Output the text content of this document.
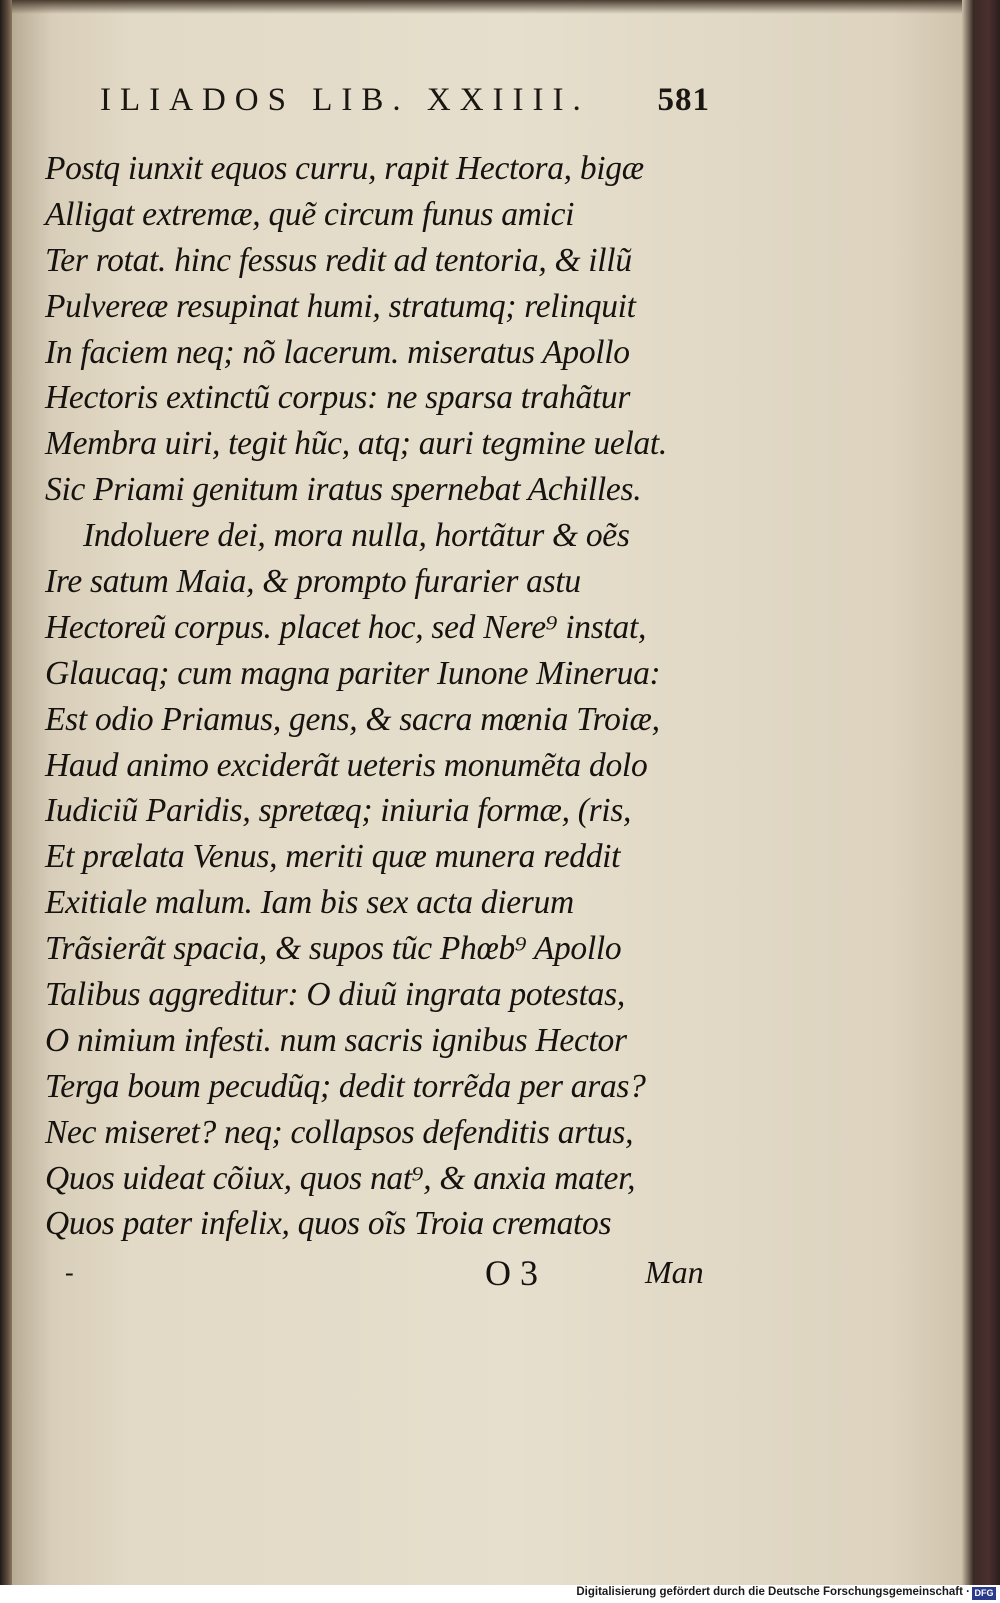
ILIADOS LIB. XXIIII. 581
Postq iunxit equos curru, rapit Hectora, bigæ
Alligat extremæ, quẽ circum funus amici
Ter rotat. hinc fessus redit ad tentoria, & illũ
Pulvereæ resupinat humi, stratumq; relinquit
In faciem neq; nõ lacerum. miseratus Apollo
Hectoris extinctũ corpus: ne sparsa trahãtur
Membra uiri, tegit hũc, atq; auri tegmine uelat.
Sic Priami genitum iratus spernebat Achilles.
Indoluere dei, mora nulla, hortãtur & oẽs
Ire satum Maia, & prompto furarier astu
Hectoreũ corpus. placet hoc, sed Nere⁹ instat,
Glaucaq; cum magna pariter Iunone Minerua:
Est odio Priamus, gens, & sacra mœnia Troiæ,
Haud animo exciderãt ueteris monumẽta dolo
Iudiciũ Paridis, spretæq; iniuria formæ, (ris,
Et prælata Venus, meriti quæ munera reddit
Exitiale malum. Iam bis sex acta dierum
Trãsierãt spacia, & supos tũc Phœb⁹ Apollo
Talibus aggreditur: O diuũ ingrata potestas,
O nimium infesti. num sacris ignibus Hector
Terga boum pecudũq; dedit torrẽda per aras?
Nec miseret? neq; collapsos defenditis artus,
Quos uideat cõiux, quos nat⁹, & anxia mater,
Quos pater infelix, quos oĩs Troia crematos
-	O 3	Man
Digitalisierung gefördert durch die Deutsche Forschungsgemeinschaft · DFG
